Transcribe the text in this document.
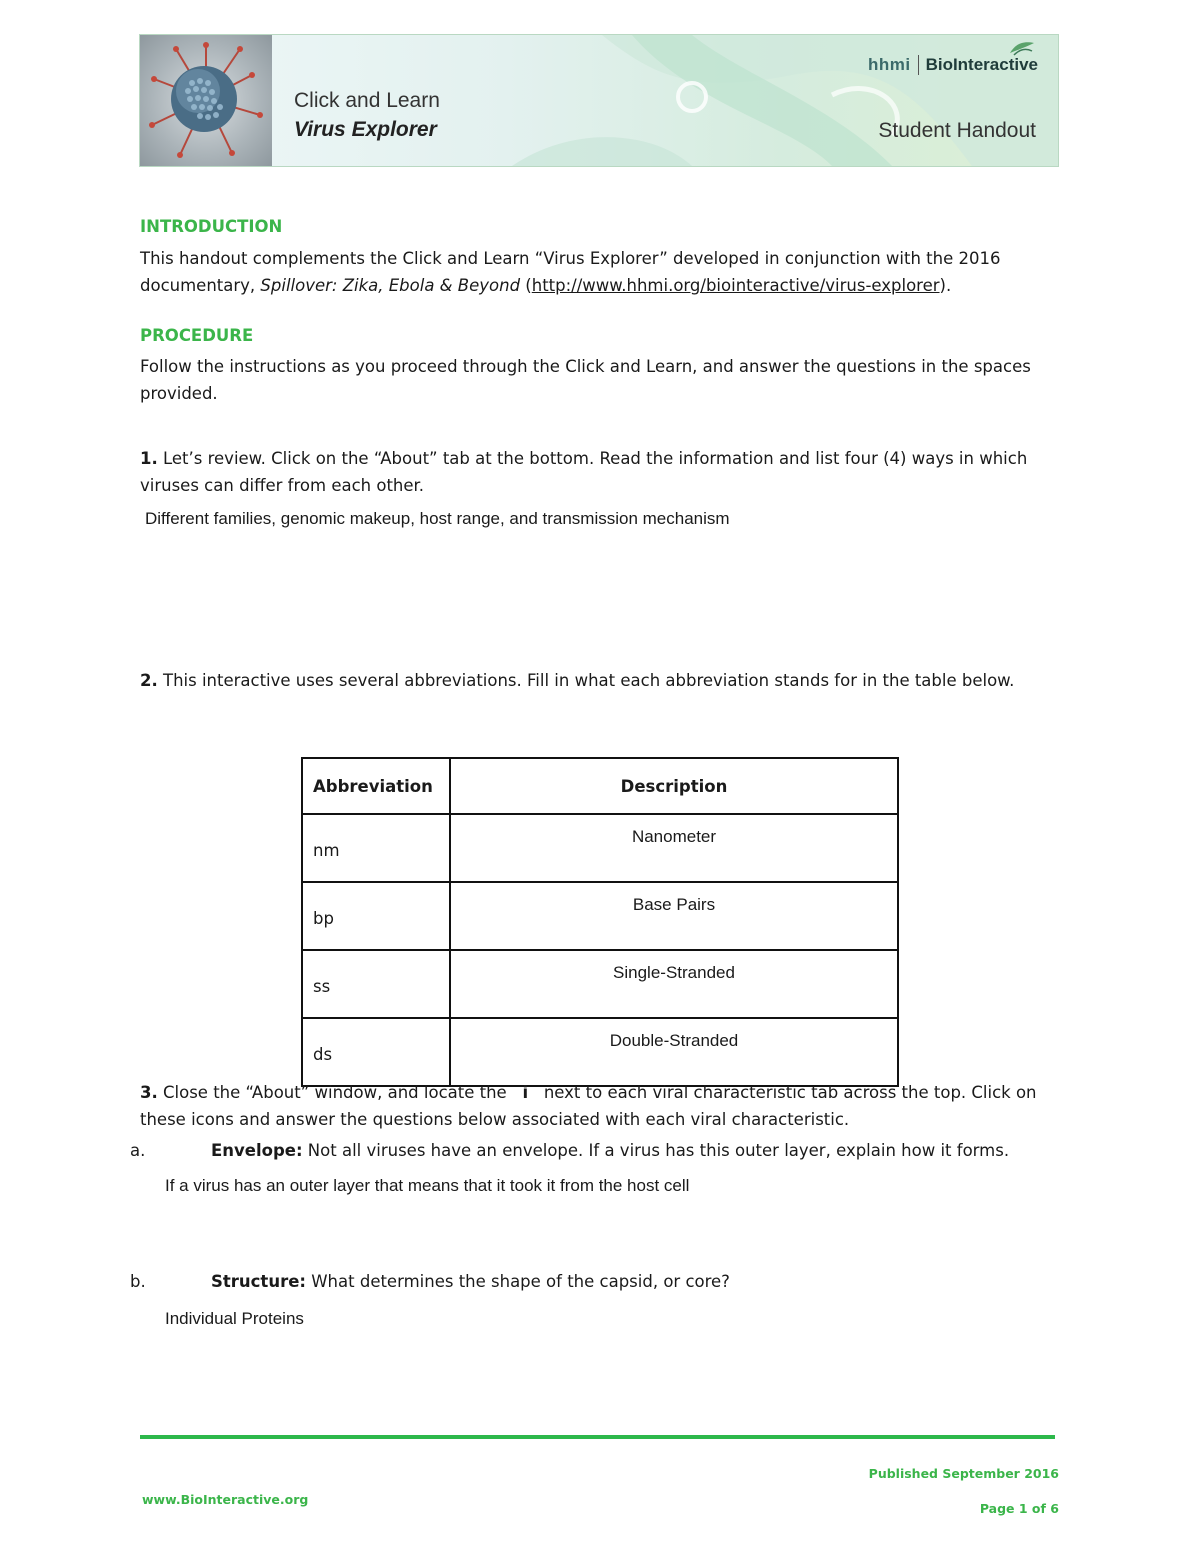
Click and Learn
Virus Explorer	Student Handout
hhmi BioInteractive
INTRODUCTION
This handout complements the Click and Learn “Virus Explorer” developed in conjunction with the 2016 documentary, Spillover: Zika, Ebola & Beyond (http://www.hhmi.org/biointeractive/virus-explorer).
PROCEDURE
Follow the instructions as you proceed through the Click and Learn, and answer the questions in the spaces provided.
1. Let’s review. Click on the “About” tab at the bottom. Read the information and list four (4) ways in which viruses can differ from each other.
Different families, genomic makeup, host range, and transmission mechanism
2. This interactive uses several abbreviations. Fill in what each abbreviation stands for in the table below.
Abbreviation	Description
nm	Nanometer
bp	Base Pairs
ss	Single-Stranded
ds	Double-Stranded
3. Close the “About” window, and locate the   i   next to each viral characteristic tab across the top. Click on these icons and answer the questions below associated with each viral characteristic.
a.	Envelope: Not all viruses have an envelope. If a virus has this outer layer, explain how it forms.
If a virus has an outer layer that means that it took it from the host cell
b.	Structure: What determines the shape of the capsid, or core?
Individual Proteins
Published September 2016
www.BioInteractive.org
Page 1 of 6
